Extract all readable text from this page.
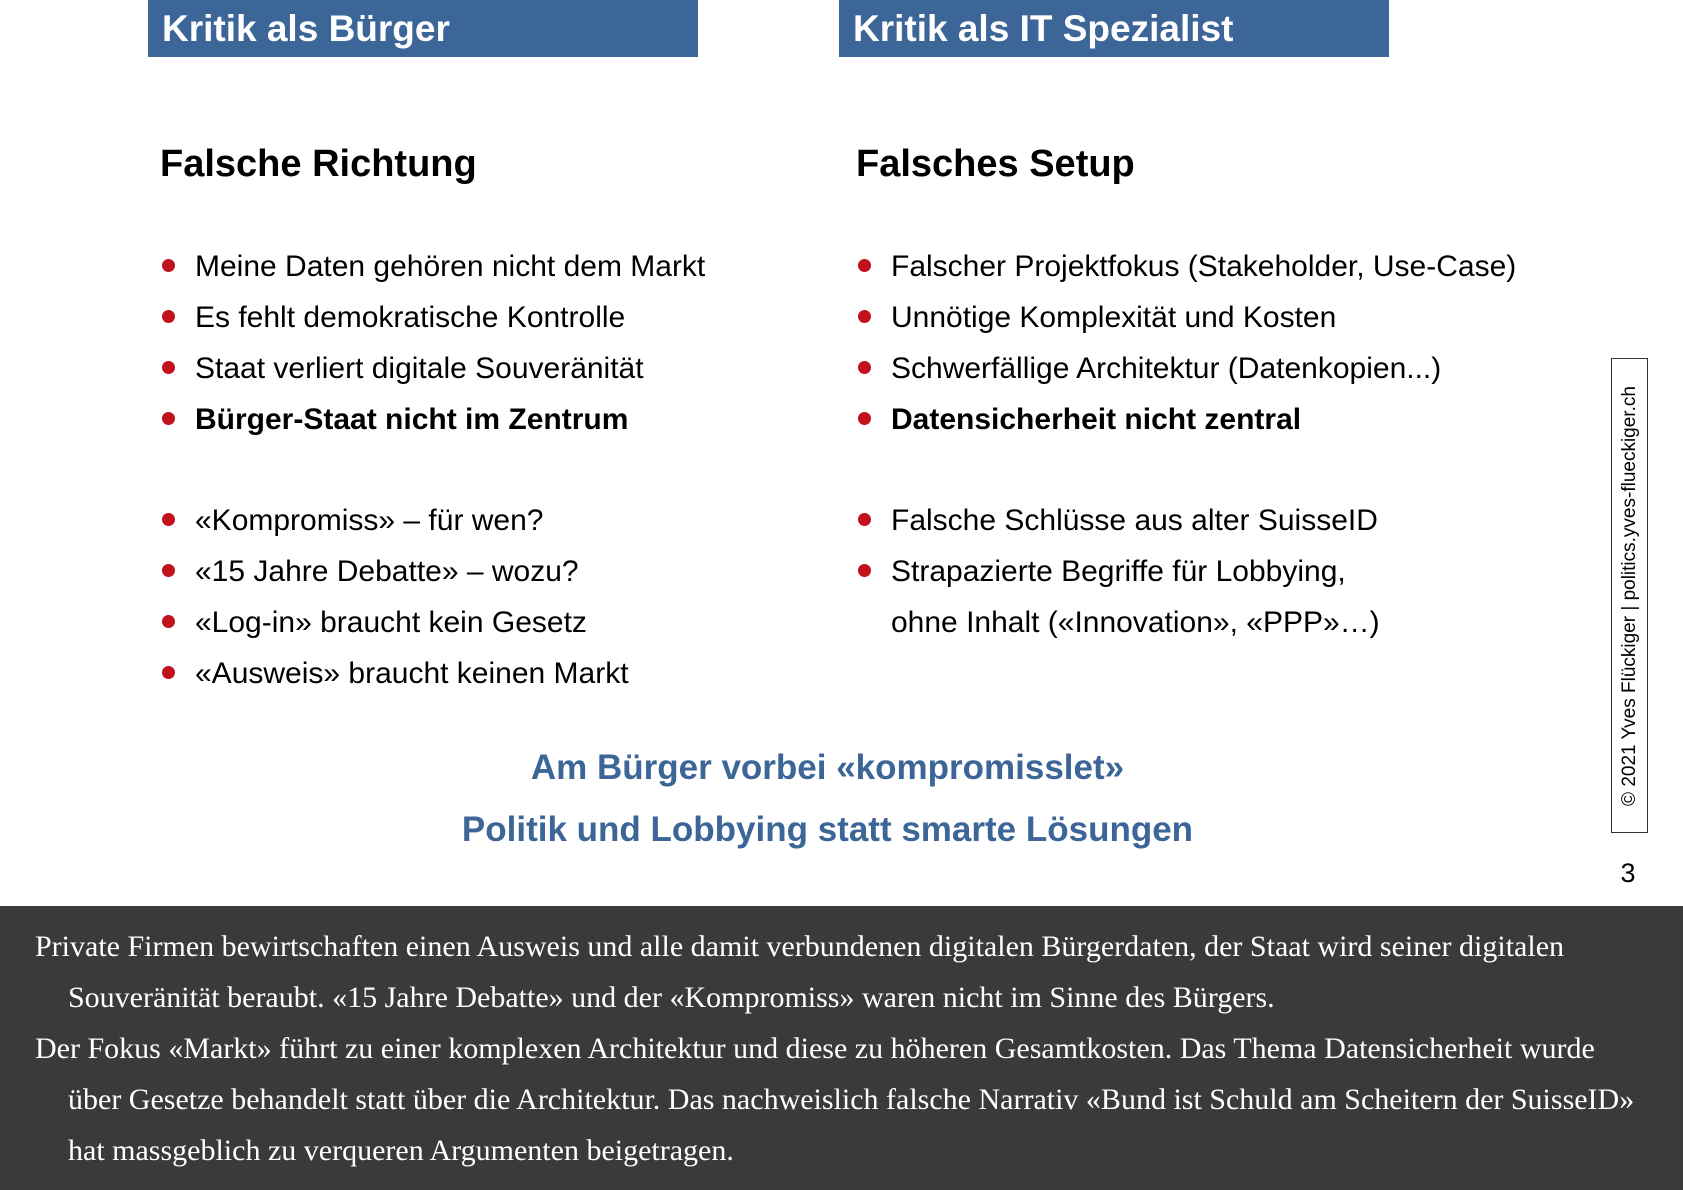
Kritik als Bürger	Kritik als IT Spezialist
Falsche Richtung
Meine Daten gehören nicht dem Markt
Es fehlt demokratische Kontrolle
Staat verliert digitale Souveränität
Bürger-Staat nicht im Zentrum
«Kompromiss» – für wen?
«15 Jahre Debatte» – wozu?
«Log-in» braucht kein Gesetz
«Ausweis» braucht keinen Markt
Falsches Setup
Falscher Projektfokus (Stakeholder, Use-Case)
Unnötige Komplexität und Kosten
Schwerfällige Architektur (Datenkopien...)
Datensicherheit nicht zentral
Falsche Schlüsse aus alter SuisseID
Strapazierte Begriffe für Lobbying,
ohne Inhalt («Innovation», «PPP»…)
Am Bürger vorbei «kompromisslet»
Politik und Lobbying statt smarte Lösungen
© 2021 Yves Flückiger | politics.yves-flueckiger.ch
3

Private Firmen bewirtschaften einen Ausweis und alle damit verbundenen digitalen Bürgerdaten, der Staat wird seiner digitalen Souveränität beraubt. «15 Jahre Debatte» und der «Kompromiss» waren nicht im Sinne des Bürgers.

Der Fokus «Markt» führt zu einer komplexen Architektur und diese zu höheren Gesamtkosten. Das Thema Datensicherheit wurde über Gesetze behandelt statt über die Architektur. Das nachweislich falsche Narrativ «Bund ist Schuld am Scheitern der SuisseID» hat massgeblich zu verqueren Argumenten beigetragen.
